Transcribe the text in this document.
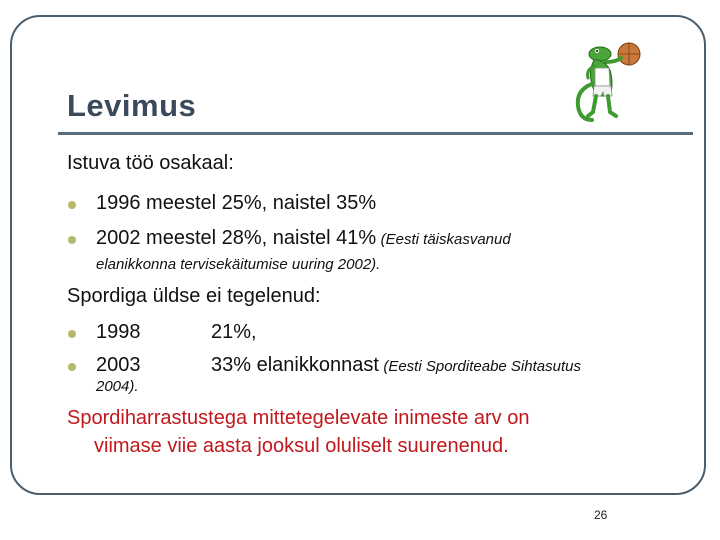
Levimus
Istuva töö osakaal:
1996 meestel 25%, naistel 35%
2002 meestel 28%, naistel 41% (Eesti täiskasvanud
elanikkonna tervisekäitumise uuring 2002).
Spordiga üldse ei tegelenud:
1998	21%,
2003	33% elanikkonnast (Eesti Sporditeabe Sihtasutus
2004).
Spordiharrastustega mittetegelevate inimeste arv on
viimase viie aasta jooksul oluliselt suurenenud.
26
